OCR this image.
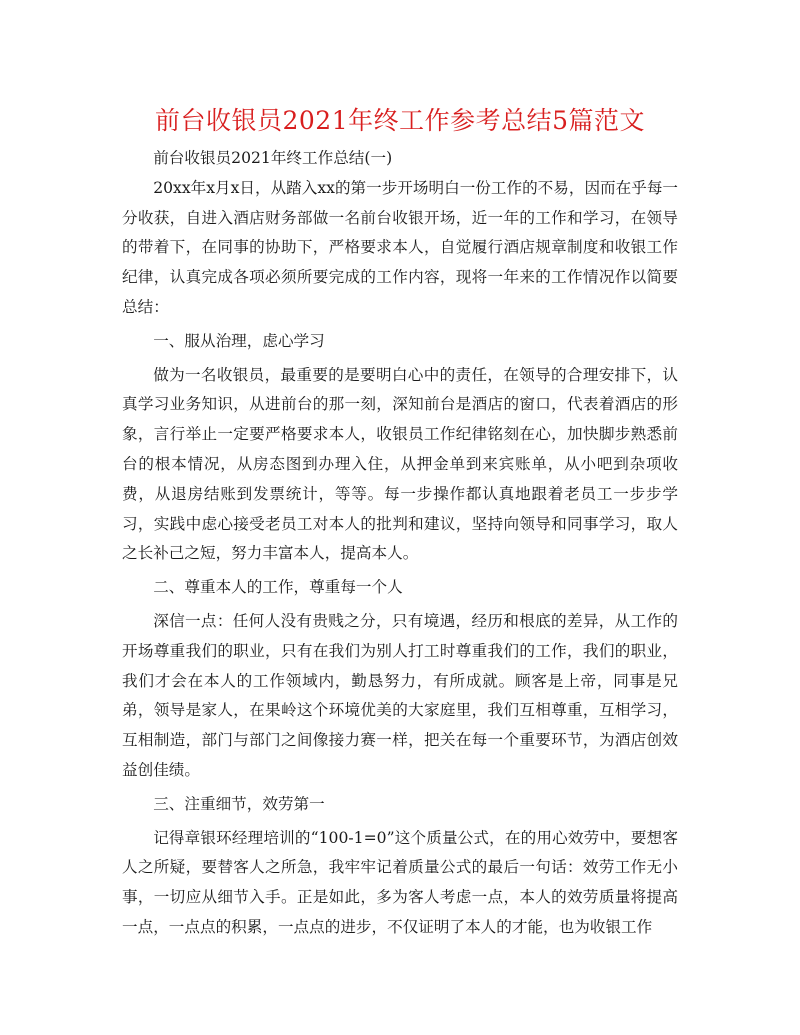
前台收银员2021年终工作参考总结5篇范文
前台收银员2021年终工作总结(一)

20xx年x月x日，从踏入xx的第一步开场明白一份工作的不易，因而在乎每一分收获，自进入酒店财务部做一名前台收银开场，近一年的工作和学习，在领导的带着下，在同事的协助下，严格要求本人，自觉履行酒店规章制度和收银工作纪律，认真完成各项必须所要完成的工作内容，现将一年来的工作情况作以简要总结：

一、服从治理，虑心学习

做为一名收银员，最重要的是要明白心中的责任，在领导的合理安排下，认真学习业务知识，从进前台的那一刻，深知前台是酒店的窗口，代表着酒店的形象，言行举止一定要严格要求本人，收银员工作纪律铭刻在心，加快脚步熟悉前台的根本情况，从房态图到办理入住，从押金单到来宾账单，从小吧到杂项收费，从退房结账到发票统计，等等。每一步操作都认真地跟着老员工一步步学习，实践中虑心接受老员工对本人的批判和建议，坚持向领导和同事学习，取人之长补己之短，努力丰富本人，提高本人。

二、尊重本人的工作，尊重每一个人

深信一点：任何人没有贵贱之分，只有境遇，经历和根底的差异，从工作的开场尊重我们的职业，只有在我们为别人打工时尊重我们的工作，我们的职业，我们才会在本人的工作领域内，勤恳努力，有所成就。顾客是上帝，同事是兄弟，领导是家人，在果岭这个环境优美的大家庭里，我们互相尊重，互相学习，互相制造，部门与部门之间像接力赛一样，把关在每一个重要环节，为酒店创效益创佳绩。

三、注重细节，效劳第一

记得章银环经理培训的“100-1=0”这个质量公式，在的用心效劳中，要想客人之所疑，要替客人之所急，我牢牢记着质量公式的最后一句话：效劳工作无小事，一切应从细节入手。正是如此，多为客人考虑一点，本人的效劳质量将提高一点，一点点的积累，一点点的进步，不仅证明了本人的才能，也为收银工作
